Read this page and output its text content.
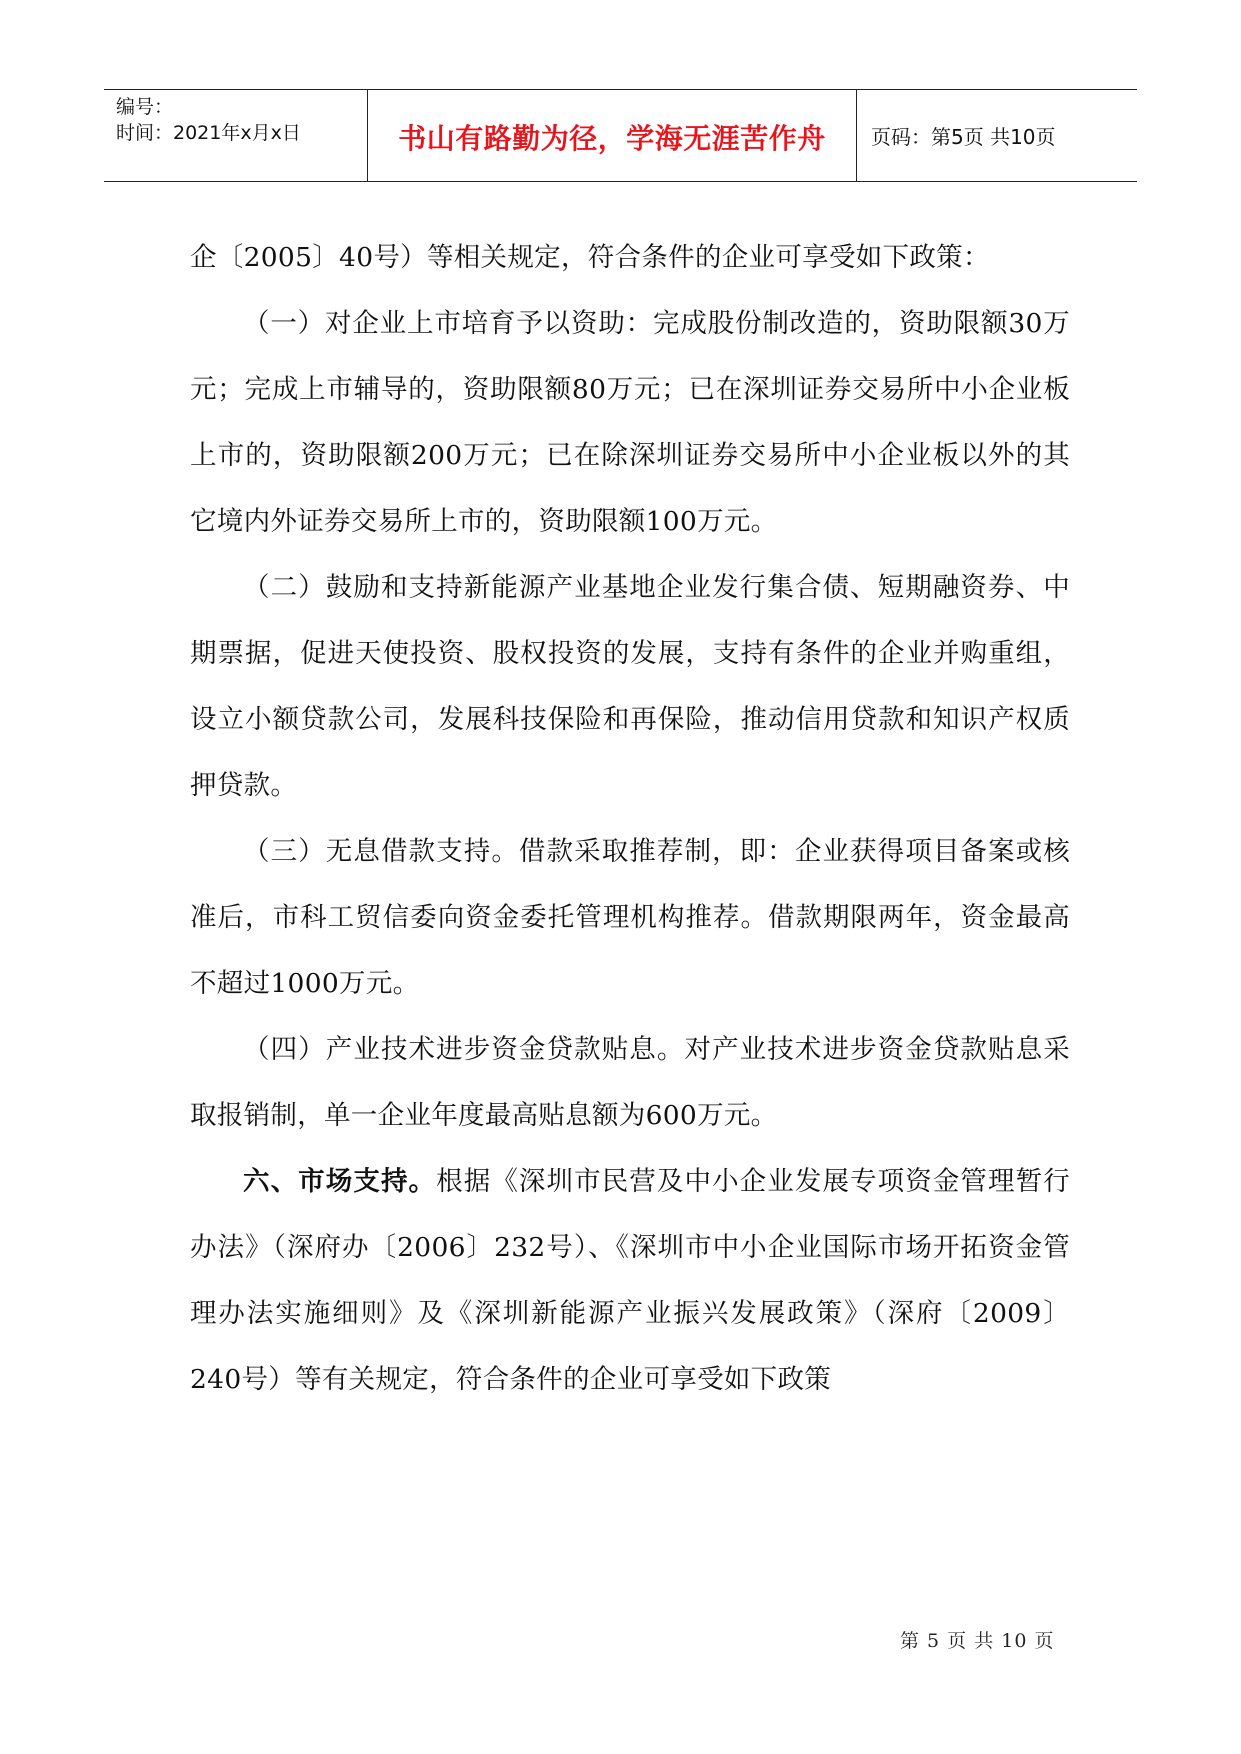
编号：
时间：2021年x月x日	书山有路勤为径，学海无涯苦作舟 页码：第5页 共10页

企〔2005〕40号）等相关规定，符合条件的企业可享受如下政策：

（一）对企业上市培育予以资助：完成股份制改造的，资助限额30万元；完成上市辅导的，资助限额80万元；已在深圳证券交易所中小企业板上市的，资助限额200万元；已在除深圳证券交易所中小企业板以外的其它境内外证券交易所上市的，资助限额100万元。

（二）鼓励和支持新能源产业基地企业发行集合债、短期融资券、中期票据，促进天使投资、股权投资的发展，支持有条件的企业并购重组，设立小额贷款公司，发展科技保险和再保险，推动信用贷款和知识产权质押贷款。

（三）无息借款支持。借款采取推荐制，即：企业获得项目备案或核准后，市科工贸信委向资金委托管理机构推荐。借款期限两年，资金最高不超过1000万元。

（四）产业技术进步资金贷款贴息。对产业技术进步资金贷款贴息采取报销制，单一企业年度最高贴息额为600万元。

六、市场支持。根据《深圳市民营及中小企业发展专项资金管理暂行办法》（深府办〔2006〕232号）、《深圳市中小企业国际市场开拓资金管理办法实施细则》及《深圳新能源产业振兴发展政策》（深府〔2009〕240号）等有关规定，符合条件的企业可享受如下政策

第 5 页 共 10 页
